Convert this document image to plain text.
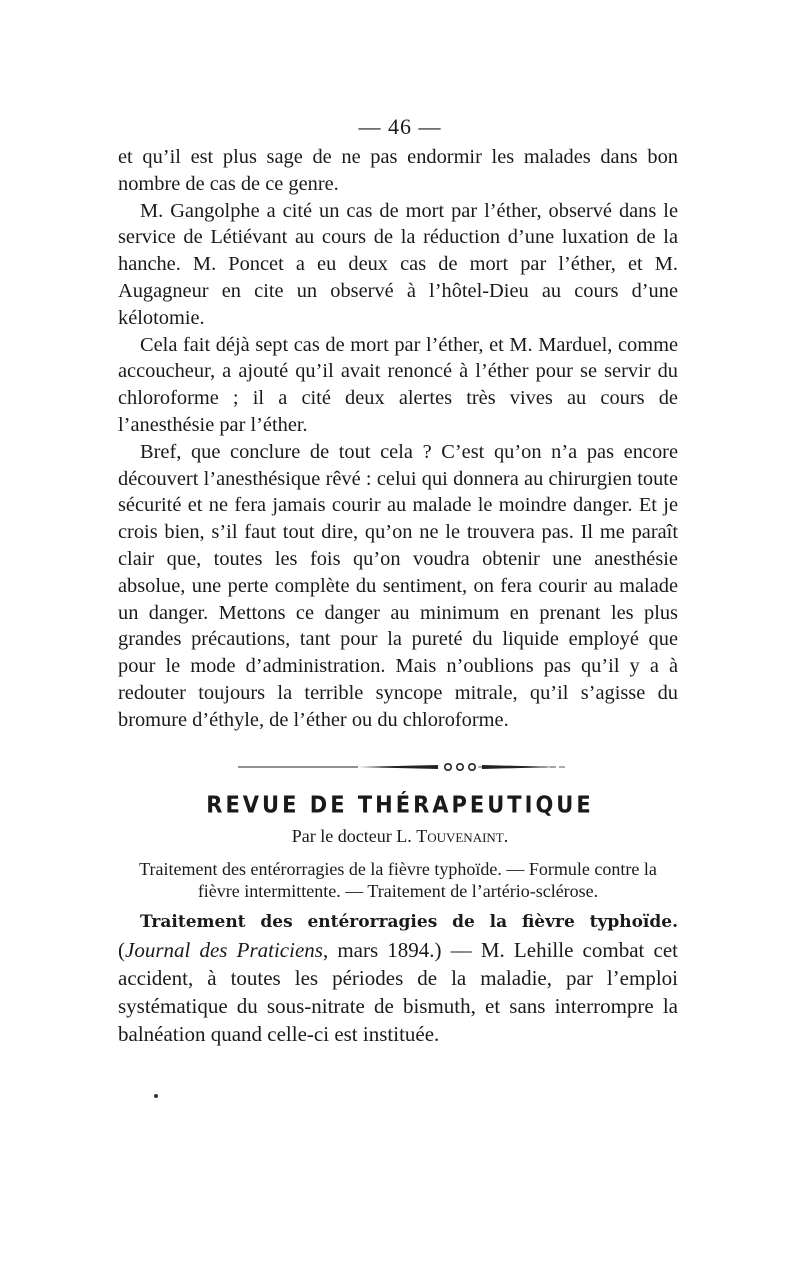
— 46 —

et qu’il est plus sage de ne pas endormir les malades dans bon nombre de cas de ce genre.

M. Gangolphe a cité un cas de mort par l’éther, observé dans le service de Létiévant au cours de la réduction d’une luxation de la hanche. M. Poncet a eu deux cas de mort par l’éther, et M. Augagneur en cite un observé à l’hôtel-Dieu au cours d’une kélotomie.

Cela fait déjà sept cas de mort par l’éther, et M. Marduel, comme accoucheur, a ajouté qu’il avait renoncé à l’éther pour se servir du chloroforme ; il a cité deux alertes très vives au cours de l’anesthésie par l’éther.

Bref, que conclure de tout cela ? C’est qu’on n’a pas encore découvert l’anesthésique rêvé : celui qui donnera au chirurgien toute sécurité et ne fera jamais courir au malade le moindre danger. Et je crois bien, s’il faut tout dire, qu’on ne le trouvera pas. Il me paraît clair que, toutes les fois qu’on voudra obtenir une anesthésie absolue, une perte complète du sentiment, on fera courir au malade un danger. Mettons ce danger au minimum en prenant les plus grandes précautions, tant pour la pureté du liquide employé que pour le mode d’administration. Mais n’oublions pas qu’il y a à redouter toujours la terrible syncope mitrale, qu’il s’agisse du bromure d’éthyle, de l’éther ou du chloroforme.

REVUE DE THÉRAPEUTIQUE
Par le docteur L. Touvenaint.
Traitement des entérorragies de la fièvre typhoïde. — Formule contre la fièvre intermittente. — Traitement de l’artério-sclérose.

Traitement des entérorragies de la fièvre typhoïde. (Journal des Praticiens, mars 1894.) — M. Lehille combat cet accident, à toutes les périodes de la maladie, par l’emploi systématique du sous-nitrate de bismuth, et sans interrompre la balnéation quand celle-ci est instituée.
